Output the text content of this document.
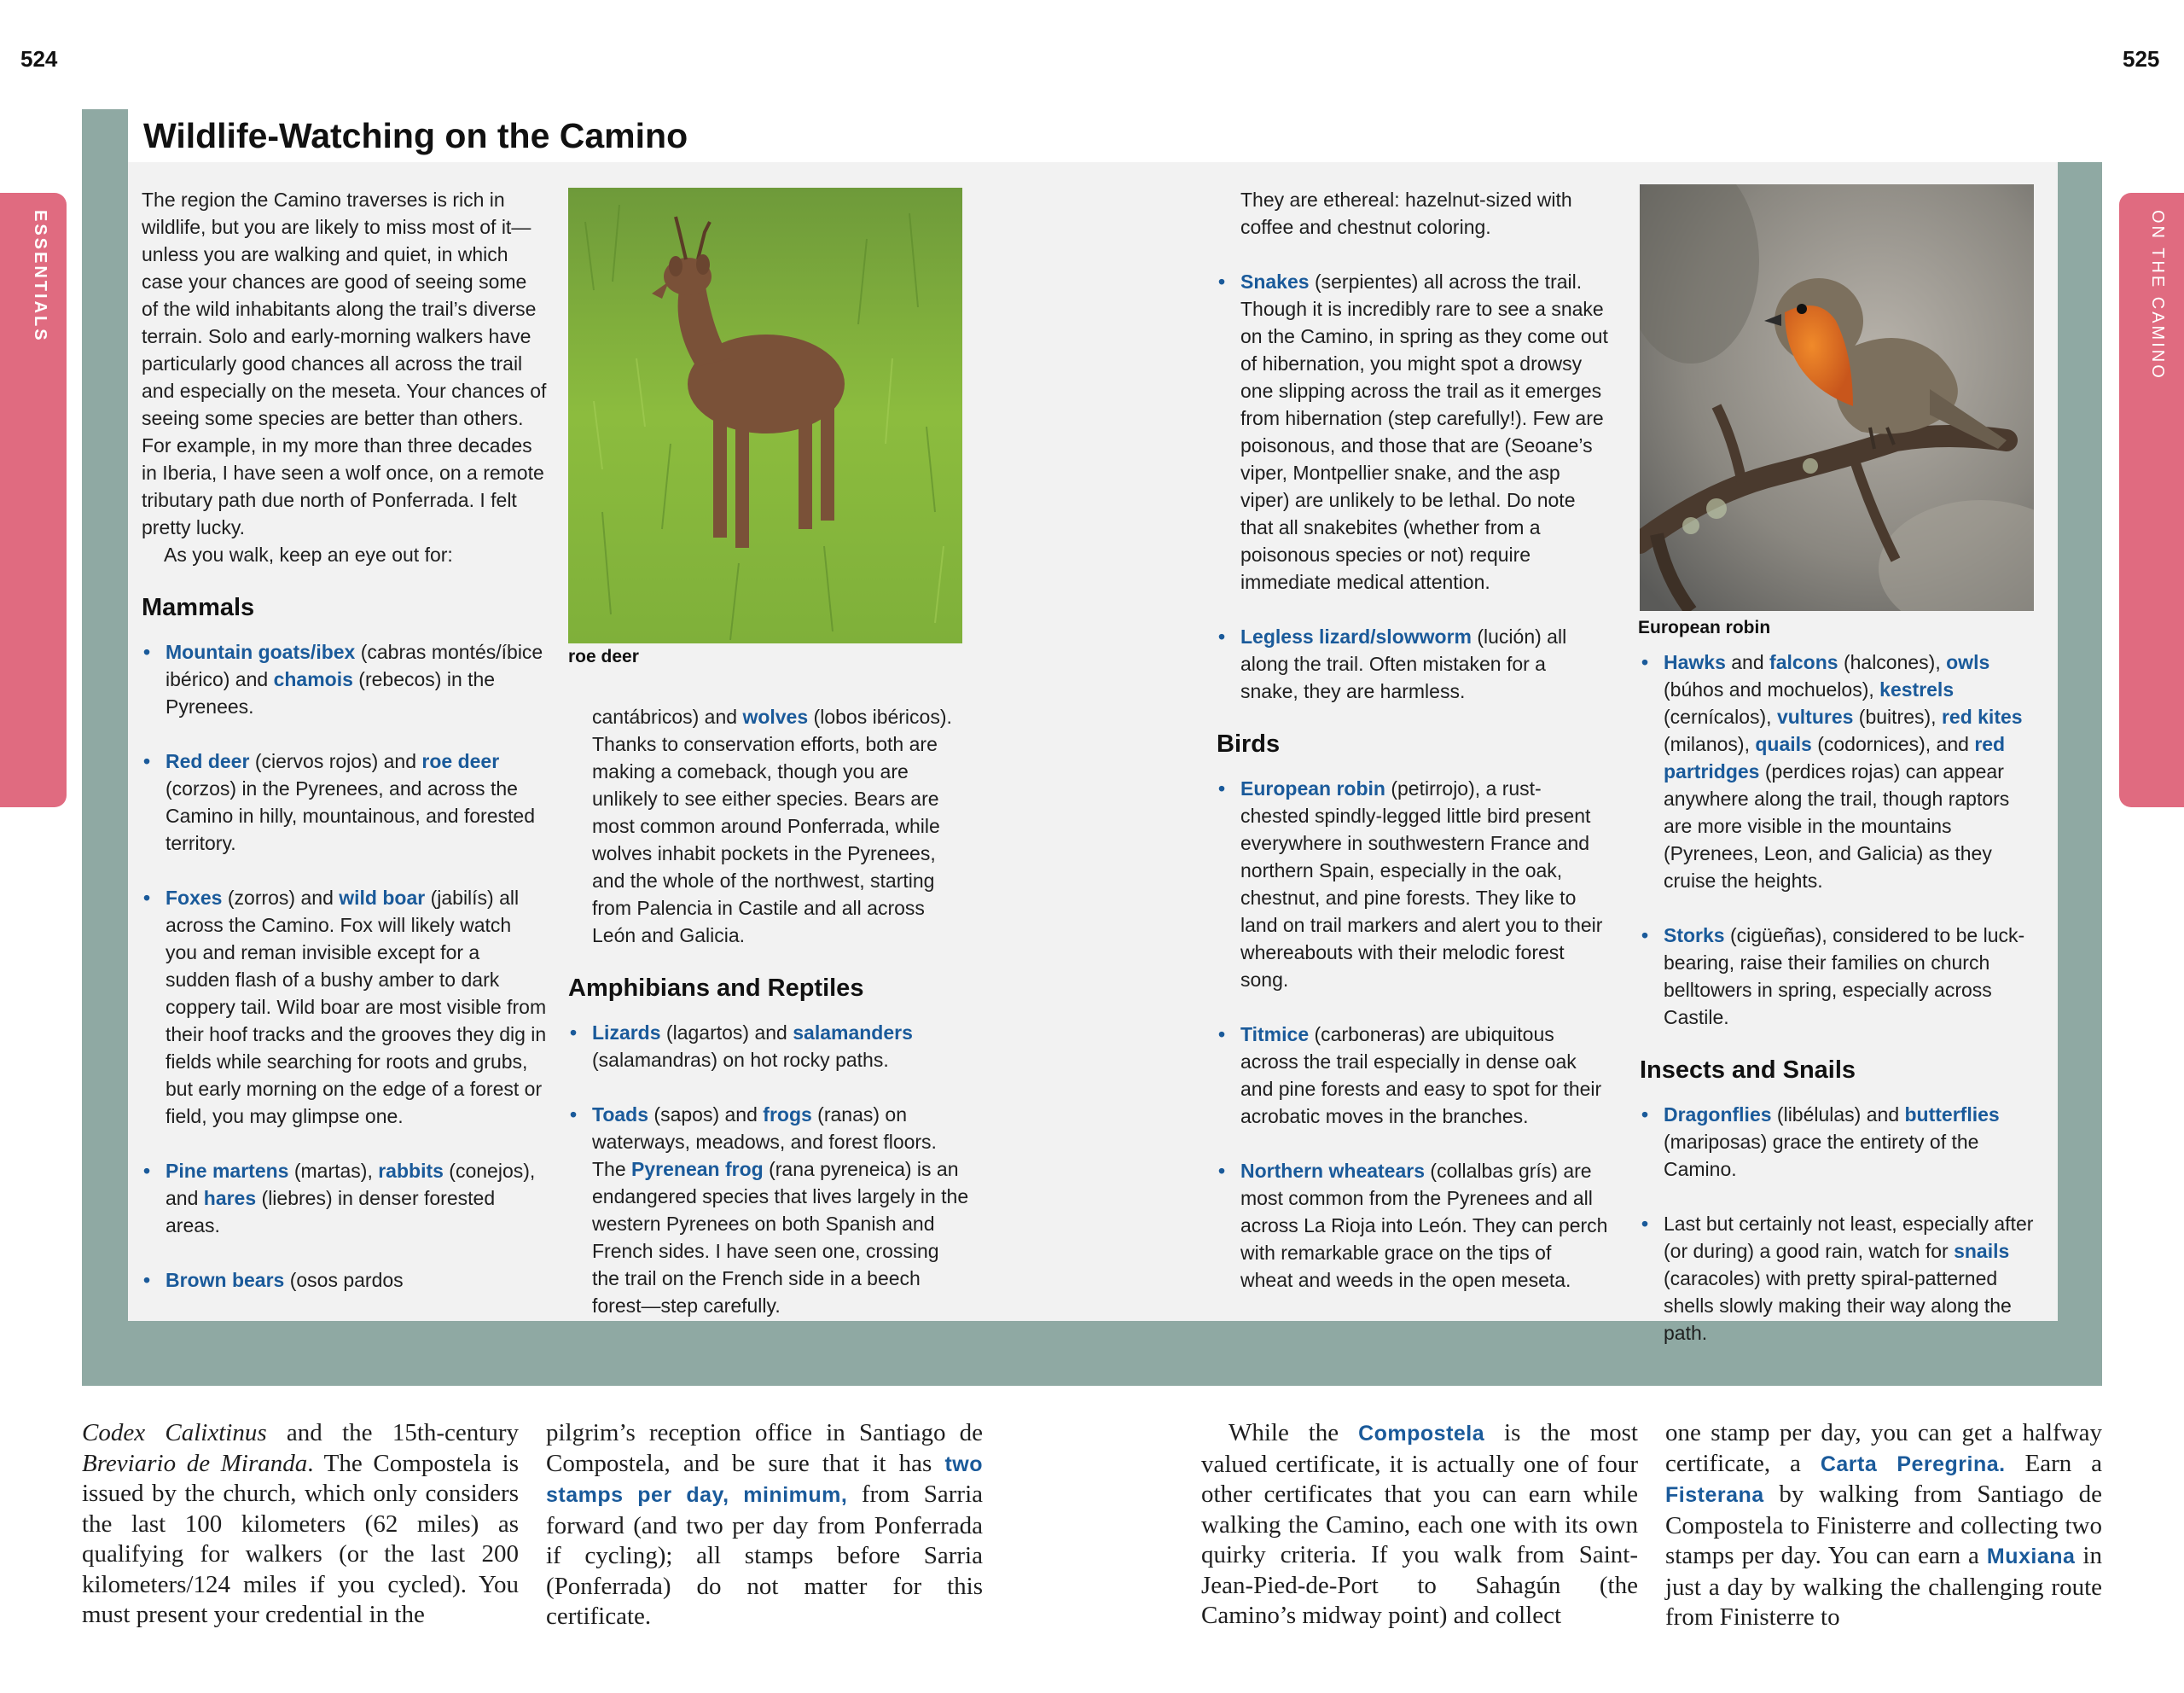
524	525
ESSENTIALS	ON THE CAMINO
Wildlife-Watching on the Camino

The region the Camino traverses is rich in wildlife, but you are likely to miss most of it—unless you are walking and quiet, in which case your chances are good of seeing some of the wild inhabitants along the trail’s diverse terrain. Solo and early-morning walkers have particularly good chances all across the trail and especially on the meseta. Your chances of seeing some species are better than others. For example, in my more than three decades in Iberia, I have seen a wolf once, on a remote tributary path due north of Ponferrada. I felt pretty lucky.

As you walk, keep an eye out for:

Mammals
• Mountain goats/ibex (cabras montés/íbice ibérico) and chamois (rebecos) in the Pyrenees.
• Red deer (ciervos rojos) and roe deer (corzos) in the Pyrenees, and across the Camino in hilly, mountainous, and forested territory.
• Foxes (zorros) and wild boar (jabilís) all across the Camino. Fox will likely watch you and reman invisible except for a sudden flash of a bushy amber to dark coppery tail. Wild boar are most visible from their hoof tracks and the grooves they dig in fields while searching for roots and grubs, but early morning on the edge of a forest or field, you may glimpse one.
• Pine martens (martas), rabbits (conejos), and hares (liebres) in denser forested areas.
• Brown bears (osos pardos
roe deer

cantábricos) and wolves (lobos ibéricos). Thanks to conservation efforts, both are making a comeback, though you are unlikely to see either species. Bears are most common around Ponferrada, while wolves inhabit pockets in the Pyrenees, and the whole of the northwest, starting from Palencia in Castile and all across León and Galicia.

Amphibians and Reptiles
• Lizards (lagartos) and salamanders (salamandras) on hot rocky paths.
• Toads (sapos) and frogs (ranas) on waterways, meadows, and forest floors. The Pyrenean frog (rana pyreneica) is an endangered species that lives largely in the western Pyrenees on both Spanish and French sides. I have seen one, crossing the trail on the French side in a beech forest—step carefully.

They are ethereal: hazelnut-sized with coffee and chestnut coloring.

• Snakes (serpientes) all across the trail. Though it is incredibly rare to see a snake on the Camino, in spring as they come out of hibernation, you might spot a drowsy one slipping across the trail as it emerges from hibernation (step carefully!). Few are poisonous, and those that are (Seoane’s viper, Montpellier snake, and the asp viper) are unlikely to be lethal. Do note that all snakebites (whether from a poisonous species or not) require immediate medical attention.
• Legless lizard/slowworm (lución) all along the trail. Often mistaken for a snake, they are harmless.
Birds
• European robin (petirrojo), a rust-chested spindly-legged little bird present everywhere in southwestern France and northern Spain, especially in the oak, chestnut, and pine forests. They like to land on trail markers and alert you to their whereabouts with their melodic forest song.
• Titmice (carboneras) are ubiquitous across the trail especially in dense oak and pine forests and easy to spot for their acrobatic moves in the branches.
• Northern wheatears (collalbas grís) are most common from the Pyrenees and all across La Rioja into León. They can perch with remarkable grace on the tips of wheat and weeds in the open meseta.
European robin
• Hawks and falcons (halcones), owls (búhos and mochuelos), kestrels (cernícalos), vultures (buitres), red kites (milanos), quails (codornices), and red partridges (perdices rojas) can appear anywhere along the trail, though raptors are more visible in the mountains (Pyrenees, Leon, and Galicia) as they cruise the heights.
• Storks (cigüeñas), considered to be luck-bearing, raise their families on church belltowers in spring, especially across Castile.
Insects and Snails
• Dragonflies (libélulas) and butterflies (mariposas) grace the entirety of the Camino.
• Last but certainly not least, especially after (or during) a good rain, watch for snails (caracoles) with pretty spiral-patterned shells slowly making their way along the path.
Codex Calixtinus and the 15th-century Breviario de Miranda. The Compostela is issued by the church, which only considers the last 100 kilometers (62 miles) as qualifying for walkers (or the last 200 kilometers/124 miles if you cycled). You must present your credential in the
pilgrim’s reception office in Santiago de Compostela, and be sure that it has two stamps per day, minimum, from Sarria forward (and two per day from Ponferrada if cycling); all stamps before Sarria (Ponferrada) do not matter for this certificate.
While the Compostela is the most valued certificate, it is actually one of four other certificates that you can earn while walking the Camino, each one with its own quirky criteria. If you walk from Saint-Jean-Pied-de-Port to Sahagún (the Camino’s midway point) and collect
one stamp per day, you can get a halfway certificate, a Carta Peregrina. Earn a Fisterana by walking from Santiago de Compostela to Finisterre and collecting two stamps per day. You can earn a Muxiana in just a day by walking the challenging route from Finisterre to
